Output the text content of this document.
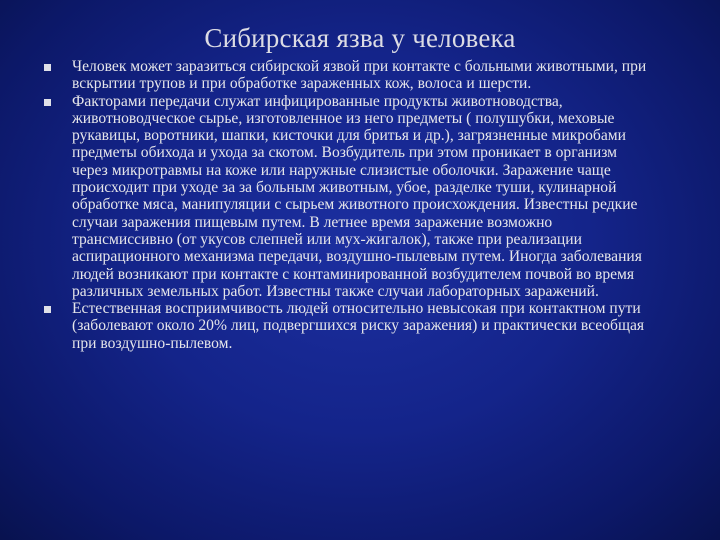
Сибирская язва у человека
Человек может заразиться сибирской язвой при контакте с больными животными, при вскрытии трупов и при обработке зараженных кож, волоса и шерсти.
Факторами передачи служат инфицированные продукты животноводства, животноводческое сырье, изготовленное из него предметы ( полушубки, меховые рукавицы, воротники, шапки, кисточки для бритья и др.), загрязненные микробами предметы обихода и ухода за скотом. Возбудитель при этом проникает в организм через микротравмы на коже или наружные слизистые оболочки. Заражение чаще происходит при уходе за за больным животным, убое, разделке туши, кулинарной обработке мяса, манипуляции с сырьем животного происхождения. Известны редкие случаи заражения пищевым путем. В летнее время заражение возможно трансмиссивно (от укусов слепней или мух-жигалок), также при реализации аспирационного механизма передачи, воздушно-пылевым путем. Иногда заболевания людей возникают при контакте с контаминированной возбудителем почвой во время различных земельных работ. Известны также случаи лабораторных заражений.
Естественная восприимчивость людей относительно невысокая при контактном пути (заболевают около 20% лиц, подвергшихся риску заражения) и практически всеобщая при воздушно-пылевом.
